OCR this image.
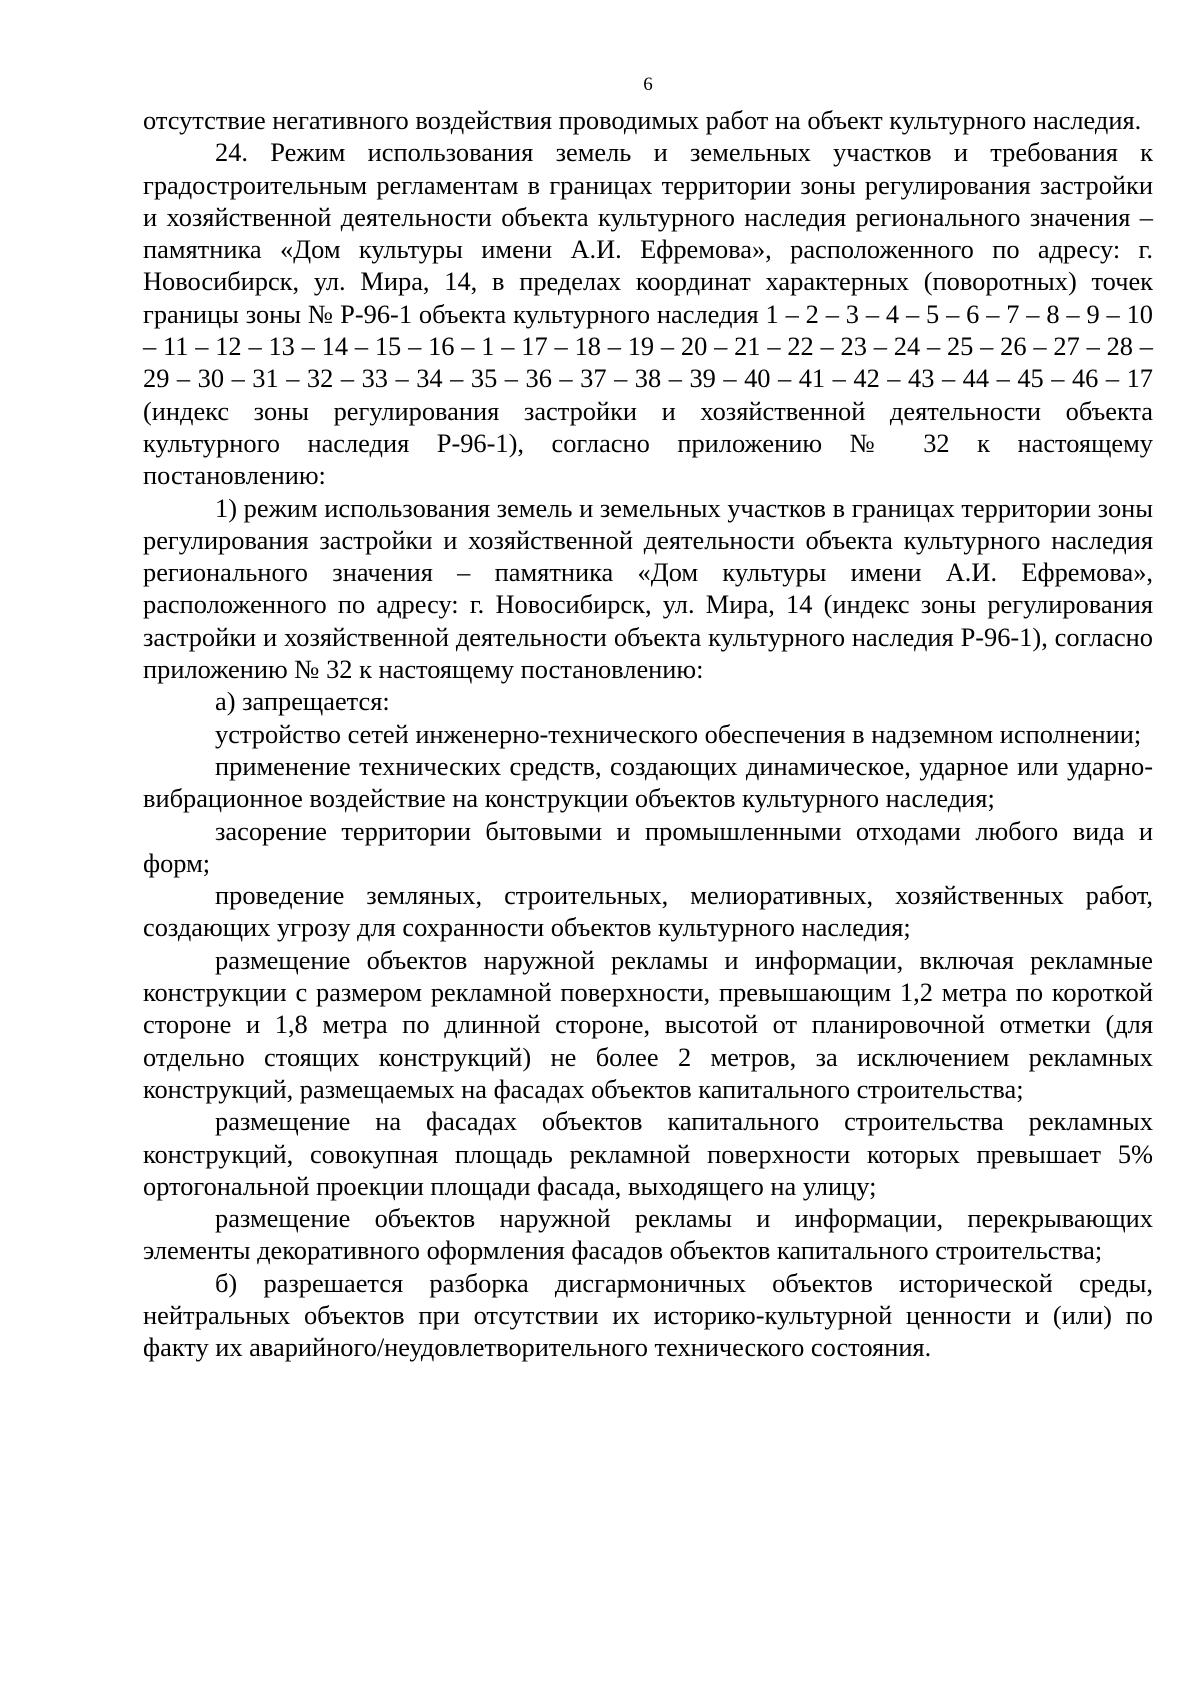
6

отсутствие негативного воздействия проводимых работ на объект культурного наследия.

24. Режим использования земель и земельных участков и требования к градостроительным регламентам в границах территории зоны регулирования застройки и хозяйственной деятельности объекта культурного наследия регионального значения – памятника «Дом культуры имени А.И. Ефремова», расположенного по адресу: г. Новосибирск, ул. Мира, 14, в пределах координат характерных (поворотных) точек границы зоны № Р-96-1 объекта культурного наследия 1 – 2 – 3 – 4 – 5 – 6 – 7 – 8 – 9 – 10 – 11 – 12 – 13 – 14 – 15 – 16 – 1 – 17 – 18 – 19 – 20 – 21 – 22 – 23 – 24 – 25 – 26 – 27 – 28 – 29 – 30 – 31 – 32 – 33 – 34 – 35 – 36 – 37 – 38 – 39 – 40 – 41 – 42 – 43 – 44 – 45 – 46 – 17 (индекс зоны регулирования застройки и хозяйственной деятельности объекта культурного наследия Р-96-1), согласно приложению № 32 к настоящему постановлению:

1) режим использования земель и земельных участков в границах территории зоны регулирования застройки и хозяйственной деятельности объекта культурного наследия регионального значения – памятника «Дом культуры имени А.И. Ефремова», расположенного по адресу: г. Новосибирск, ул. Мира, 14 (индекс зоны регулирования застройки и хозяйственной деятельности объекта культурного наследия Р-96-1), согласно приложению № 32 к настоящему постановлению:

а) запрещается:

устройство сетей инженерно-технического обеспечения в надземном исполнении;

применение технических средств, создающих динамическое, ударное или ударно-вибрационное воздействие на конструкции объектов культурного наследия;

засорение территории бытовыми и промышленными отходами любого вида и форм;

проведение земляных, строительных, мелиоративных, хозяйственных работ, создающих угрозу для сохранности объектов культурного наследия;

размещение объектов наружной рекламы и информации, включая рекламные конструкции с размером рекламной поверхности, превышающим 1,2 метра по короткой стороне и 1,8 метра по длинной стороне, высотой от планировочной отметки (для отдельно стоящих конструкций) не более 2 метров, за исключением рекламных конструкций, размещаемых на фасадах объектов капитального строительства;

размещение на фасадах объектов капитального строительства рекламных конструкций, совокупная площадь рекламной поверхности которых превышает 5% ортогональной проекции площади фасада, выходящего на улицу;

размещение объектов наружной рекламы и информации, перекрывающих элементы декоративного оформления фасадов объектов капитального строительства;

б) разрешается разборка дисгармоничных объектов исторической среды, нейтральных объектов при отсутствии их историко-культурной ценности и (или) по факту их аварийного/неудовлетворительного технического состояния.
